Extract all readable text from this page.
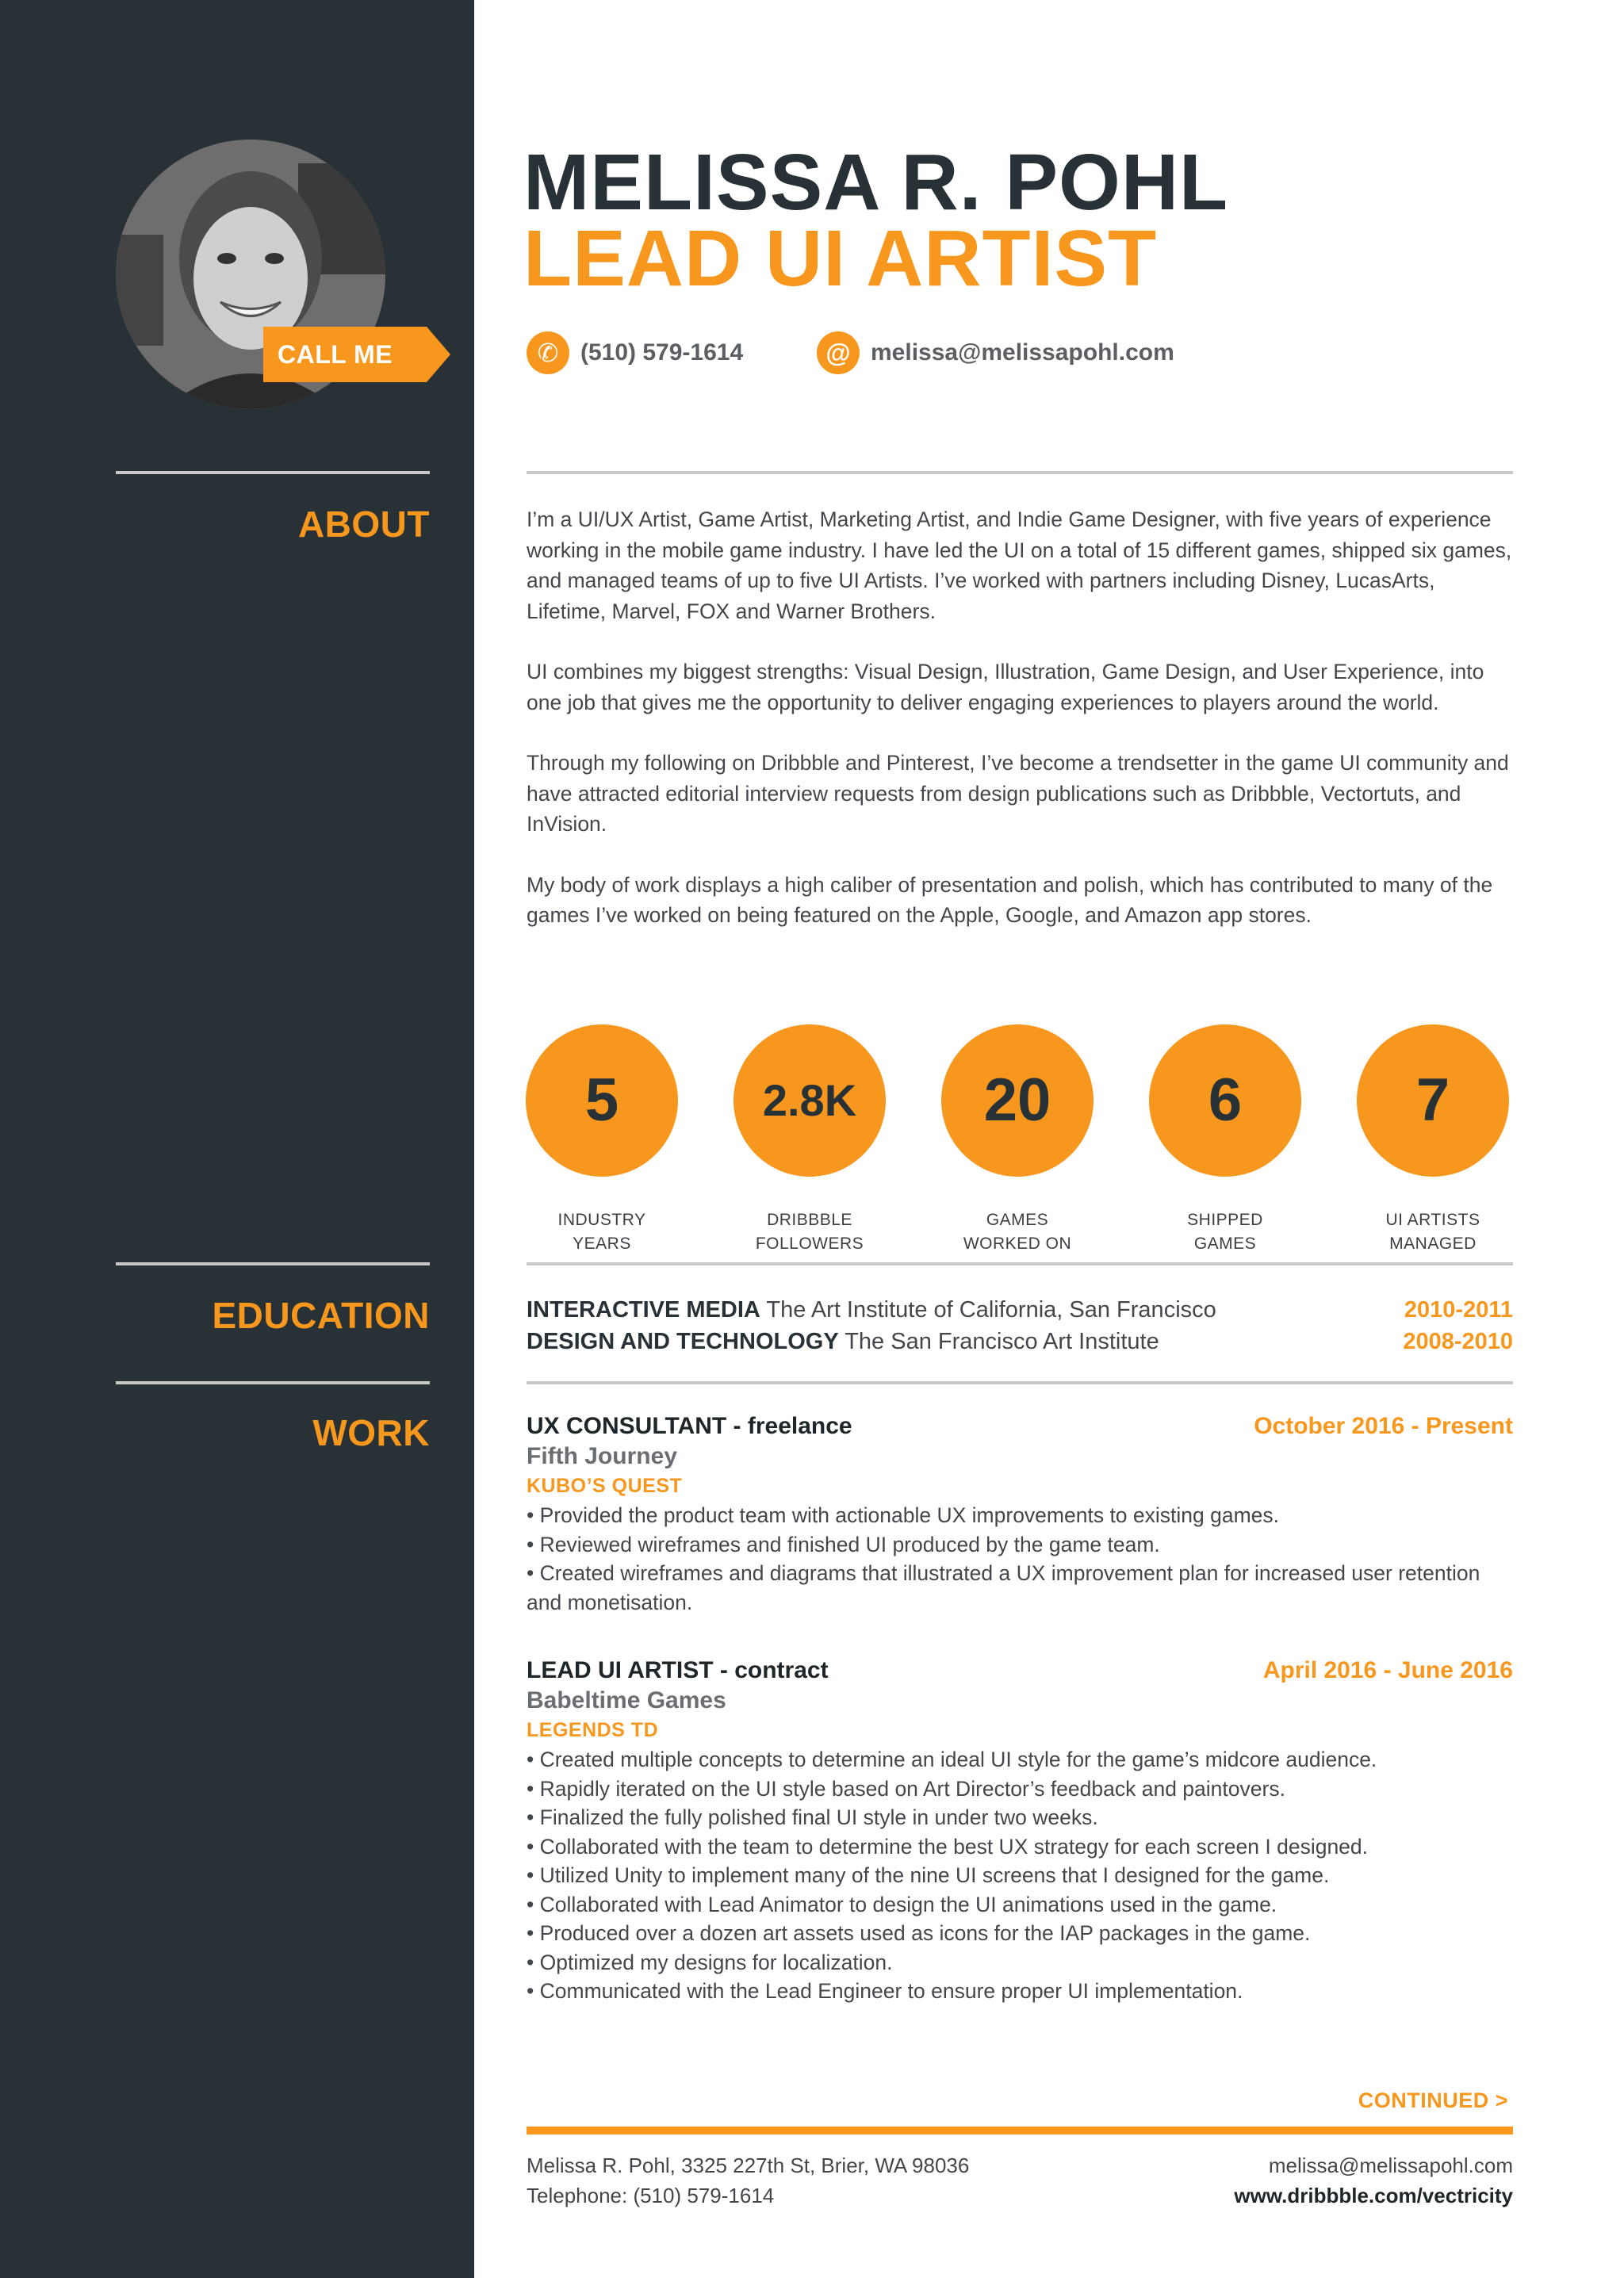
CALL ME
ABOUT
EDUCATION
WORK
MELISSA R. POHL
LEAD UI ARTIST
✆ (510) 579-1614	@ melissa@melissapohl.com

I’m a UI/UX Artist, Game Artist, Marketing Artist, and Indie Game Designer, with five years of experience working in the mobile game industry. I have led the UI on a total of 15 different games, shipped six games, and managed teams of up to five UI Artists. I’ve worked with partners including Disney, LucasArts, Lifetime, Marvel, FOX and Warner Brothers.

UI combines my biggest strengths: Visual Design, Illustration, Game Design, and User Experience, into one job that gives me the opportunity to deliver engaging experiences to players around the world.

Through my following on Dribbble and Pinterest, I’ve become a trendsetter in the game UI community and have attracted editorial interview requests from design publications such as Dribbble, Vectortuts, and InVision.

My body of work displays a high caliber of presentation and polish, which has contributed to many of the games I’ve worked on being featured on the Apple, Google, and Amazon app stores.

5
INDUSTRY
YEARS
2.8K
DRIBBBLE
FOLLOWERS
20
GAMES
WORKED ON
6
SHIPPED
GAMES
7
UI ARTISTS
MANAGED
INTERACTIVE MEDIA The Art Institute of California, San Francisco	2010-2011
DESIGN AND TECHNOLOGY The San Francisco Art Institute	2008-2010
UX CONSULTANT - freelance	October 2016 - Present
Fifth Journey
KUBO’S QUEST
• Provided the product team with actionable UX improvements to existing games.
• Reviewed wireframes and finished UI produced by the game team.
• Created wireframes and diagrams that illustrated a UX improvement plan for increased user retention and monetisation.
LEAD UI ARTIST - contract	April 2016 - June 2016
Babeltime Games
LEGENDS TD
• Created multiple concepts to determine an ideal UI style for the game’s midcore audience.
• Rapidly iterated on the UI style based on Art Director’s feedback and paintovers.
• Finalized the fully polished final UI style in under two weeks.
• Collaborated with the team to determine the best UX strategy for each screen I designed.
• Utilized Unity to implement many of the nine UI screens that I designed for the game.
• Collaborated with Lead Animator to design the UI animations used in the game.
• Produced over a dozen art assets used as icons for the IAP packages in the game.
• Optimized my designs for localization.
• Communicated with the Lead Engineer to ensure proper UI implementation.
CONTINUED >
Melissa R. Pohl, 3325 227th St, Brier, WA 98036
Telephone: (510) 579-1614
melissa@melissapohl.com
www.dribbble.com/vectricity
